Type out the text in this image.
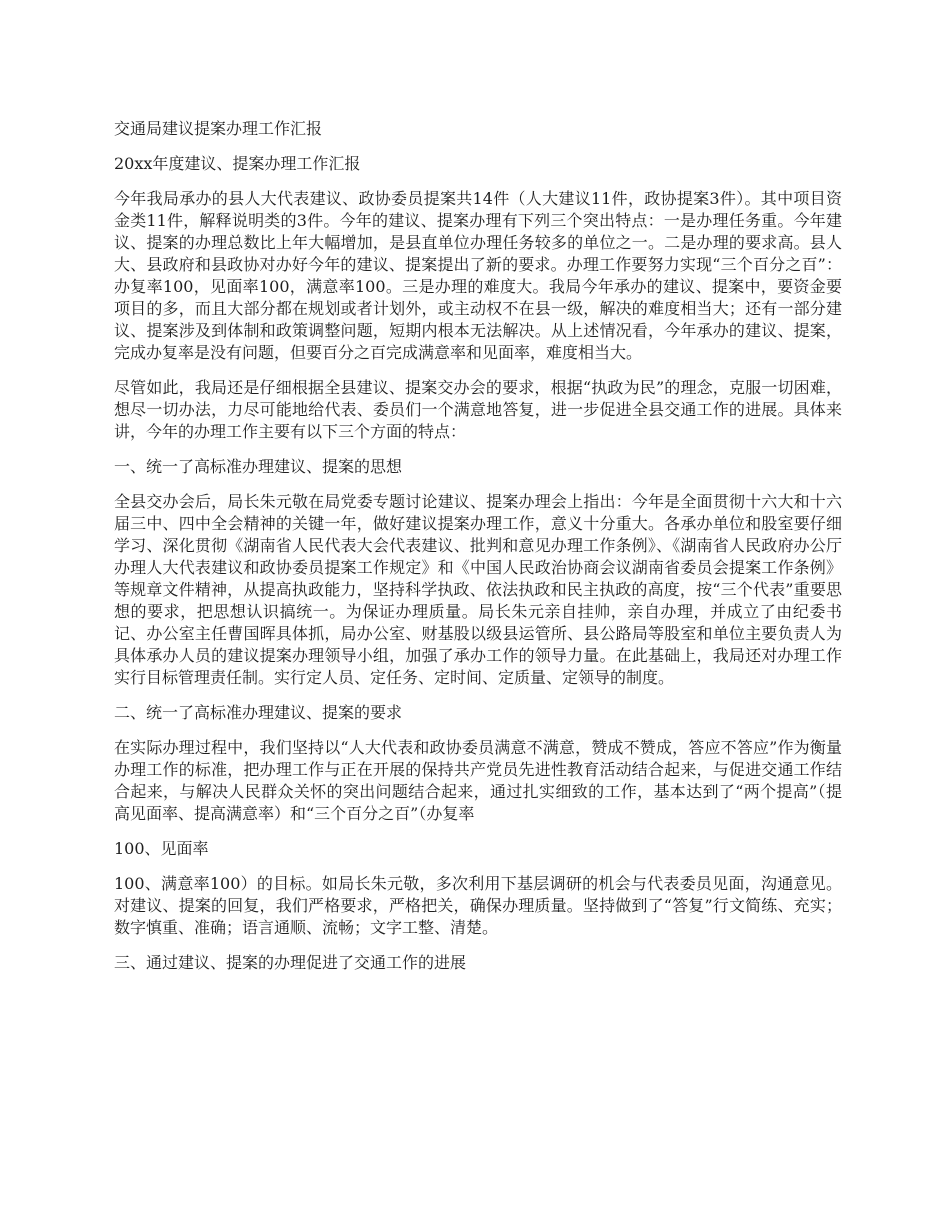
交通局建议提案办理工作汇报

20xx年度建议、提案办理工作汇报

今年我局承办的县人大代表建议、政协委员提案共14件（人大建议11件，政协提案3件）。其中项目资金类11件，解释说明类的3件。今年的建议、提案办理有下列三个突出特点：一是办理任务重。今年建议、提案的办理总数比上年大幅增加，是县直单位办理任务较多的单位之一。二是办理的要求高。县人大、县政府和县政协对办好今年的建议、提案提出了新的要求。办理工作要努力实现“三个百分之百”：办复率100，见面率100，满意率100。三是办理的难度大。我局今年承办的建议、提案中，要资金要项目的多，而且大部分都在规划或者计划外，或主动权不在县一级，解决的难度相当大；还有一部分建议、提案涉及到体制和政策调整问题，短期内根本无法解决。从上述情况看，今年承办的建议、提案，完成办复率是没有问题，但要百分之百完成满意率和见面率，难度相当大。

尽管如此，我局还是仔细根据全县建议、提案交办会的要求，根据“执政为民”的理念，克服一切困难，想尽一切办法，力尽可能地给代表、委员们一个满意地答复，进一步促进全县交通工作的进展。具体来讲，今年的办理工作主要有以下三个方面的特点：

一、统一了高标准办理建议、提案的思想

全县交办会后，局长朱元敬在局党委专题讨论建议、提案办理会上指出：今年是全面贯彻十六大和十六届三中、四中全会精神的关键一年，做好建议提案办理工作，意义十分重大。各承办单位和股室要仔细学习、深化贯彻《湖南省人民代表大会代表建议、批判和意见办理工作条例》、《湖南省人民政府办公厅办理人大代表建议和政协委员提案工作规定》和《中国人民政治协商会议湖南省委员会提案工作条例》等规章文件精神，从提高执政能力，坚持科学执政、依法执政和民主执政的高度，按“三个代表”重要思想的要求，把思想认识搞统一。为保证办理质量。局长朱元亲自挂帅，亲自办理，并成立了由纪委书记、办公室主任曹国晖具体抓，局办公室、财基股以级县运管所、县公路局等股室和单位主要负责人为具体承办人员的建议提案办理领导小组，加强了承办工作的领导力量。在此基础上，我局还对办理工作实行目标管理责任制。实行定人员、定任务、定时间、定质量、定领导的制度。

二、统一了高标准办理建议、提案的要求

在实际办理过程中，我们坚持以“人大代表和政协委员满意不满意，赞成不赞成，答应不答应”作为衡量办理工作的标准，把办理工作与正在开展的保持共产党员先进性教育活动结合起来，与促进交通工作结合起来，与解决人民群众关怀的突出问题结合起来，通过扎实细致的工作，基本达到了“两个提高”（提高见面率、提高满意率）和“三个百分之百”（办复率

100、见面率

100、满意率100）的目标。如局长朱元敬，多次利用下基层调研的机会与代表委员见面，沟通意见。对建议、提案的回复，我们严格要求，严格把关，确保办理质量。坚持做到了“答复”行文简练、充实；数字慎重、准确；语言通顺、流畅；文字工整、清楚。

三、通过建议、提案的办理促进了交通工作的进展
